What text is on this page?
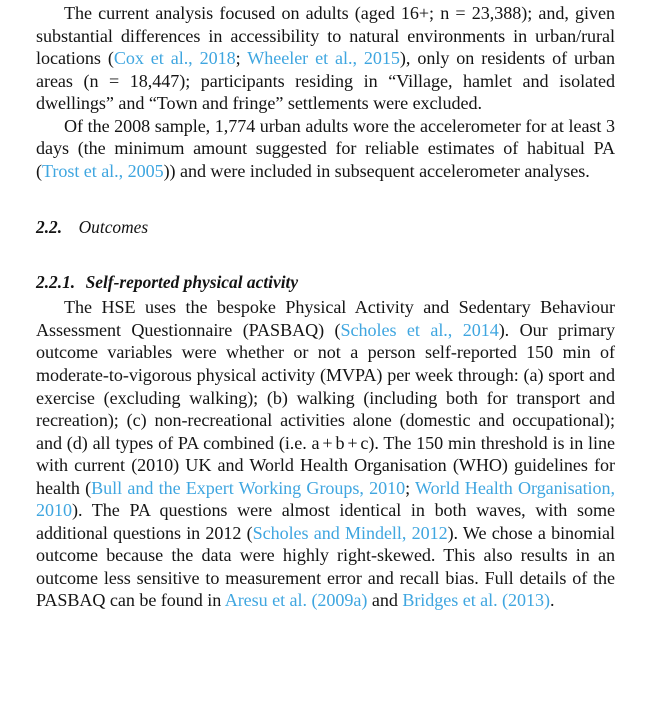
The current analysis focused on adults (aged 16+; n = 23,388); and, given substantial differences in accessibility to natural environments in urban/rural locations (Cox et al., 2018; Wheeler et al., 2015), only on residents of urban areas (n = 18,447); participants residing in “Village, hamlet and isolated dwellings” and “Town and fringe” settlements were excluded.

Of the 2008 sample, 1,774 urban adults wore the accelerometer for at least 3 days (the minimum amount suggested for reliable estimates of habitual PA (Trost et al., 2005)) and were included in subsequent accelerometer analyses.

2.2. Outcomes
2.2.1. Self-reported physical activity

The HSE uses the bespoke Physical Activity and Sedentary Behaviour Assessment Questionnaire (PASBAQ) (Scholes et al., 2014). Our primary outcome variables were whether or not a person self-reported 150 min of moderate-to-vigorous physical activity (MVPA) per week through: (a) sport and exercise (excluding walking); (b) walking (including both for transport and recreation); (c) non-recreational activities alone (domestic and occupational); and (d) all types of PA combined (i.e. a + b + c). The 150 min threshold is in line with current (2010) UK and World Health Organisation (WHO) guidelines for health (Bull and the Expert Working Groups, 2010; World Health Organisation, 2010). The PA questions were almost identical in both waves, with some additional questions in 2012 (Scholes and Mindell, 2012). We chose a binomial outcome because the data were highly right-skewed. This also results in an outcome less sensitive to measurement error and recall bias. Full details of the PASBAQ can be found in Aresu et al. (2009a) and Bridges et al. (2013).
